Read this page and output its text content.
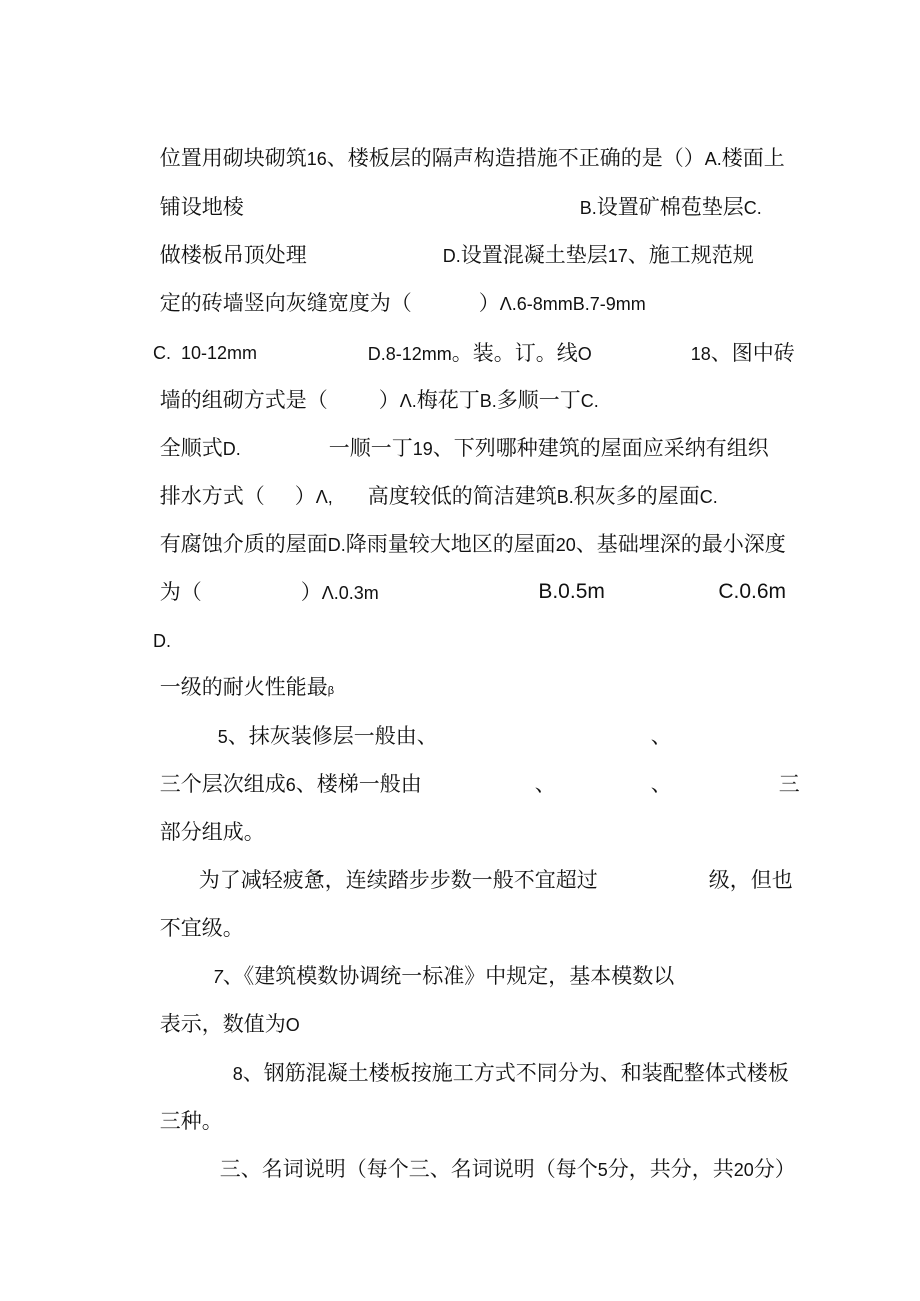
位置用砌块砌筑16、楼板层的隔声构造措施不正确的是（）A.楼面上

铺设地棱
	B.设置矿棉苞垫层C.

做楼板吊顶处理
	D.设置混凝土垫层17、施工规范规

定的砖墙竖向灰缝宽度为（
	）Λ.6-8mmB.7-9mm

C.  10-12mm
	D.8-12mm。装。订。线O
	18、图中砖

墙的组砌方式是（
	）Λ.梅花丁B.多顺一丁C.

全顺式D.
	一顺一丁19、下列哪种建筑的屋面应采纳有组织

排水方式（
	）Λ,
	高度较低的简洁建筑B.积灰多的屋面C.

有腐蚀介质的屋面D.降雨量较大地区的屋面20、基础埋深的最小深度

为（
	）Λ.0.3m
	B.0.5m
	C.0.6m

D.

一级的耐火性能最β

5、抹灰装修层一般由、
	、

三个层次组成6、楼梯一般由
	、
	、
	三

部分组成。

为了减轻疲惫，连续踏步步数一般不宜超过
	级，但也

不宜级。

7、《建筑模数协调统一标准》中规定，基本模数以

表示，数值为O

8、钢筋混凝土楼板按施工方式不同分为、和装配整体式楼板

三种。

三、名词说明（每个三、名词说明（每个5分，共分，共20分）
